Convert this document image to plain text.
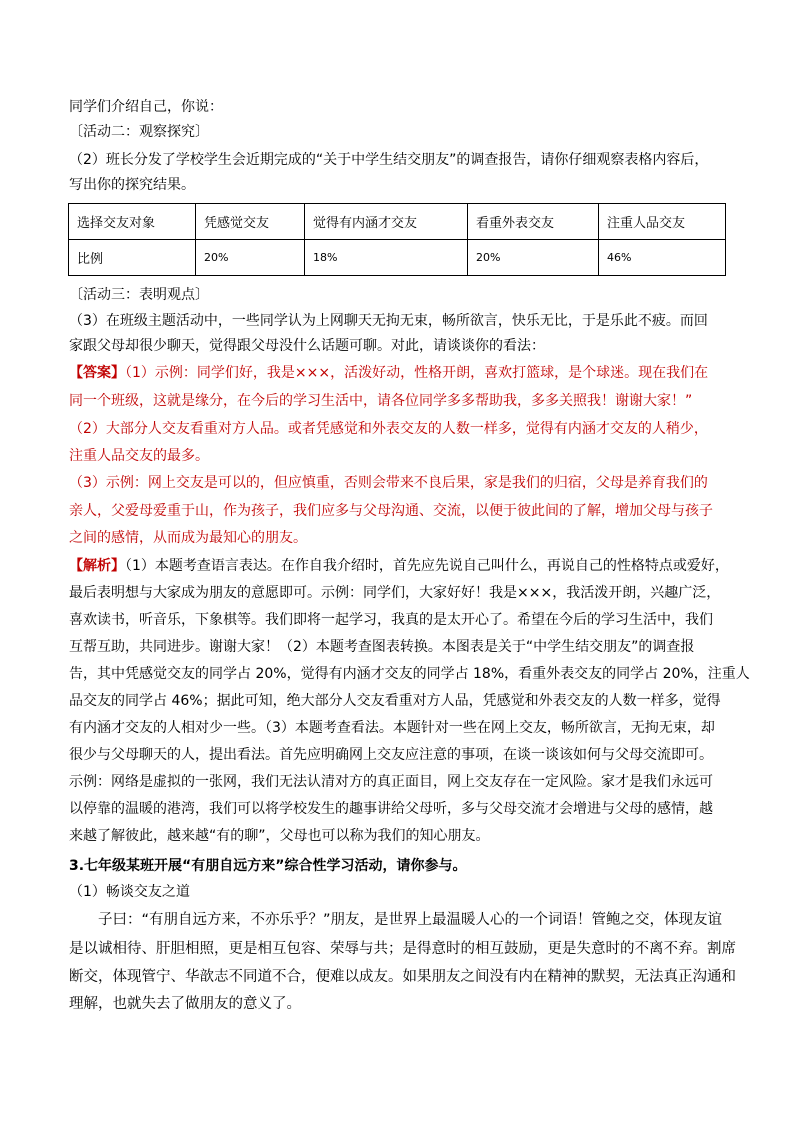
同学们介绍自己，你说：
〔活动二：观察探究〕
（2）班长分发了学校学生会近期完成的“关于中学生结交朋友”的调查报告，请你仔细观察表格内容后，
写出你的探究结果。
选择交友对象	凭感觉交友	觉得有内涵才交友	看重外表交友	注重人品交友
比例	20%	18%	20%	46%
〔活动三：表明观点〕
（3）在班级主题活动中，一些同学认为上网聊天无拘无束，畅所欲言，快乐无比，于是乐此不疲。而回
家跟父母却很少聊天，觉得跟父母没什么话题可聊。对此，请谈谈你的看法：
【答案】（1）示例：同学们好，我是×××，活泼好动，性格开朗，喜欢打篮球，是个球迷。现在我们在
同一个班级，这就是缘分，在今后的学习生活中，请各位同学多多帮助我，多多关照我！谢谢大家！”
（2）大部分人交友看重对方人品。或者凭感觉和外表交友的人数一样多，觉得有内涵才交友的人稍少，
注重人品交友的最多。
（3）示例：网上交友是可以的，但应慎重，否则会带来不良后果，家是我们的归宿，父母是养育我们的
亲人，父爱母爱重于山，作为孩子，我们应多与父母沟通、交流，以便于彼此间的了解，增加父母与孩子
之间的感情，从而成为最知心的朋友。
【解析】（1）本题考查语言表达。在作自我介绍时，首先应先说自己叫什么，再说自己的性格特点或爱好，
最后表明想与大家成为朋友的意愿即可。示例：同学们，大家好好！我是×××，我活泼开朗，兴趣广泛，
喜欢读书，听音乐，下象棋等。我们即将一起学习，我真的是太开心了。希望在今后的学习生活中，我们
互帮互助，共同进步。谢谢大家！（2）本题考查图表转换。本图表是关于“中学生结交朋友”的调查报
告，其中凭感觉交友的同学占 20%，觉得有内涵才交友的同学占 18%，看重外表交友的同学占 20%，注重人
品交友的同学占 46%；据此可知，绝大部分人交友看重对方人品，凭感觉和外表交友的人数一样多，觉得
有内涵才交友的人相对少一些。（3）本题考查看法。本题针对一些在网上交友，畅所欲言，无拘无束，却
很少与父母聊天的人，提出看法。首先应明确网上交友应注意的事项，在谈一谈该如何与父母交流即可。
示例：网络是虚拟的一张网，我们无法认清对方的真正面目，网上交友存在一定风险。家才是我们永远可
以停靠的温暖的港湾，我们可以将学校发生的趣事讲给父母听，多与父母交流才会增进与父母的感情，越
来越了解彼此，越来越“有的聊”，父母也可以称为我们的知心朋友。
3.七年级某班开展“有朋自远方来”综合性学习活动，请你参与。
（1）畅谈交友之道
子曰：“有朋自远方来，不亦乐乎？”朋友，是世界上最温暖人心的一个词语！管鲍之交，体现友谊
是以诚相待、肝胆相照，更是相互包容、荣辱与共；是得意时的相互鼓励，更是失意时的不离不弃。割席
断交，体现管宁、华歆志不同道不合，便难以成友。如果朋友之间没有内在精神的默契，无法真正沟通和
理解，也就失去了做朋友的意义了。
